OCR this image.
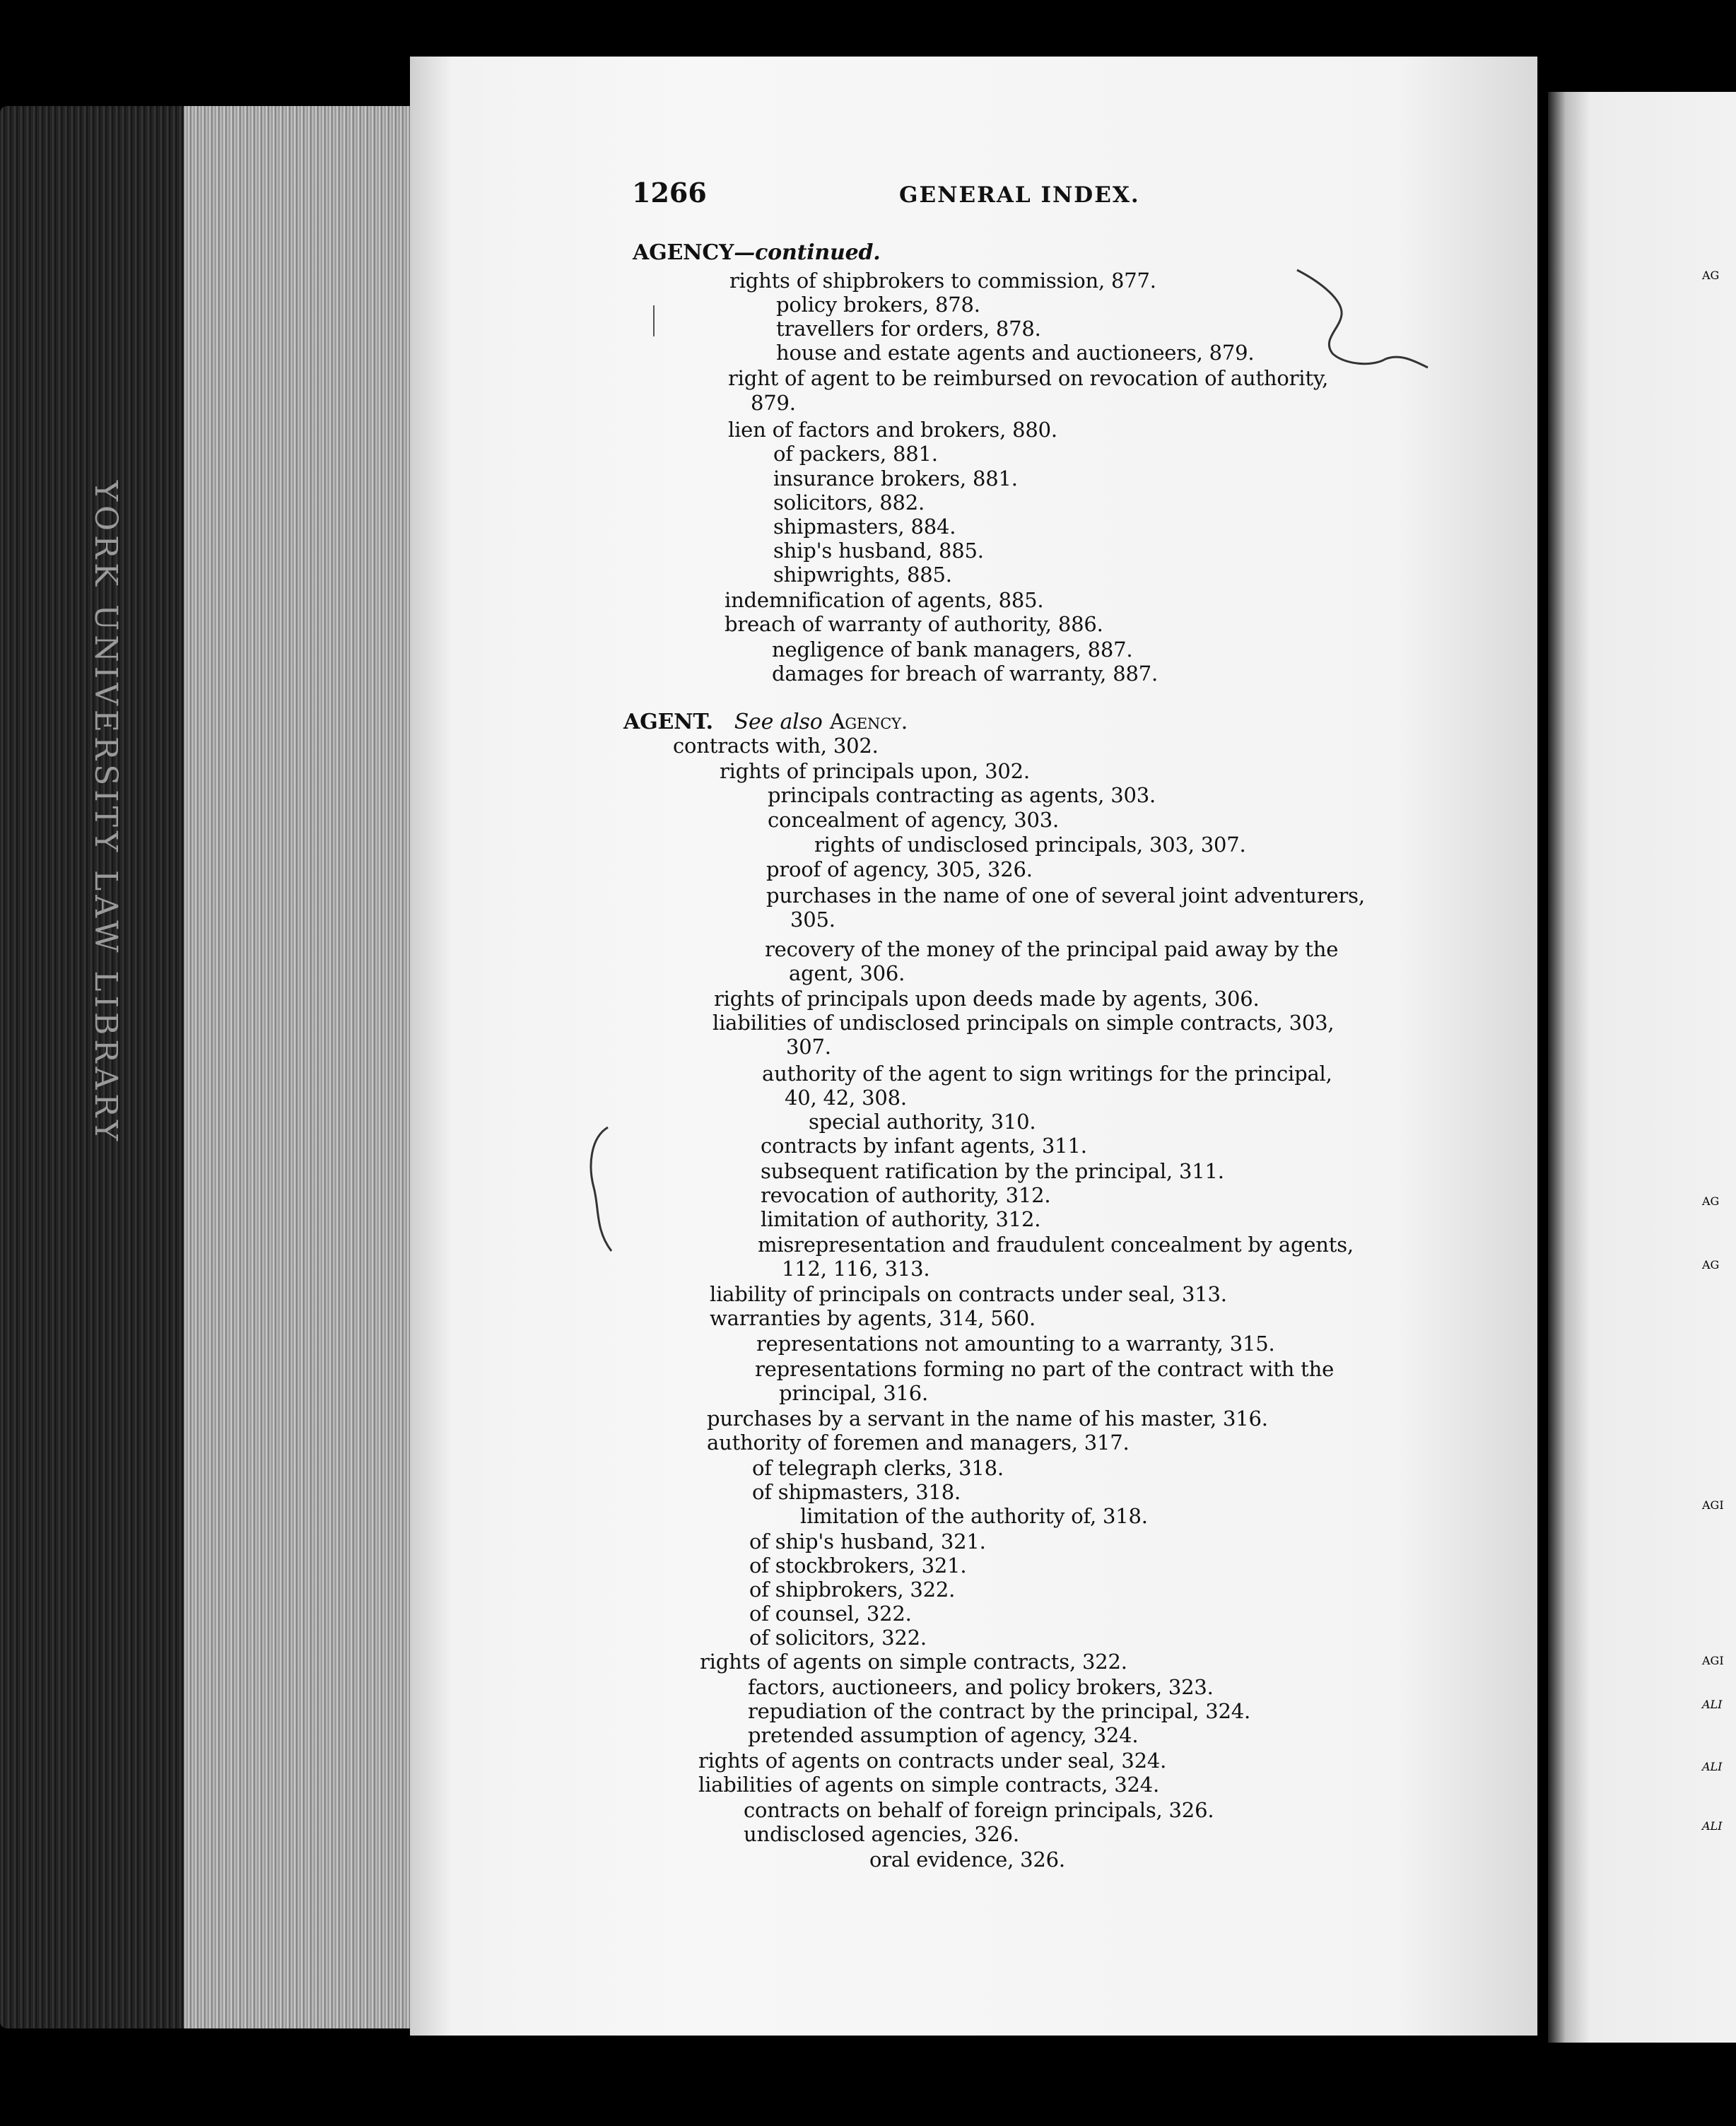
YORK UNIVERSITY LAW LIBRARY
AG
AG
AG
AGI
AGI
ALI
ALI
ALI
1266	GENERAL INDEX.
AGENCY—continued.
rights of shipbrokers to commission, 877.
policy brokers, 878.
travellers for orders, 878.
house and estate agents and auctioneers, 879.
right of agent to be reimbursed on revocation of authority,
879.
lien of factors and brokers, 880.
of packers, 881.
insurance brokers, 881.
solicitors, 882.
shipmasters, 884.
ship's husband, 885.
shipwrights, 885.
indemnification of agents, 885.
breach of warranty of authority, 886.
negligence of bank managers, 887.
damages for breach of warranty, 887.
AGENT.  See also Agency.
contracts with, 302.
rights of principals upon, 302.
principals contracting as agents, 303.
concealment of agency, 303.
rights of undisclosed principals, 303, 307.
proof of agency, 305, 326.
purchases in the name of one of several joint adventurers,
305.
recovery of the money of the principal paid away by the
agent, 306.
rights of principals upon deeds made by agents, 306.
liabilities of undisclosed principals on simple contracts, 303,
307.
authority of the agent to sign writings for the principal,
40, 42, 308.
special authority, 310.
contracts by infant agents, 311.
subsequent ratification by the principal, 311.
revocation of authority, 312.
limitation of authority, 312.
misrepresentation and fraudulent concealment by agents,
112, 116, 313.
liability of principals on contracts under seal, 313.
warranties by agents, 314, 560.
representations not amounting to a warranty, 315.
representations forming no part of the contract with the
principal, 316.
purchases by a servant in the name of his master, 316.
authority of foremen and managers, 317.
of telegraph clerks, 318.
of shipmasters, 318.
limitation of the authority of, 318.
of ship's husband, 321.
of stockbrokers, 321.
of shipbrokers, 322.
of counsel, 322.
of solicitors, 322.
rights of agents on simple contracts, 322.
factors, auctioneers, and policy brokers, 323.
repudiation of the contract by the principal, 324.
pretended assumption of agency, 324.
rights of agents on contracts under seal, 324.
liabilities of agents on simple contracts, 324.
contracts on behalf of foreign principals, 326.
undisclosed agencies, 326.
oral evidence, 326.
